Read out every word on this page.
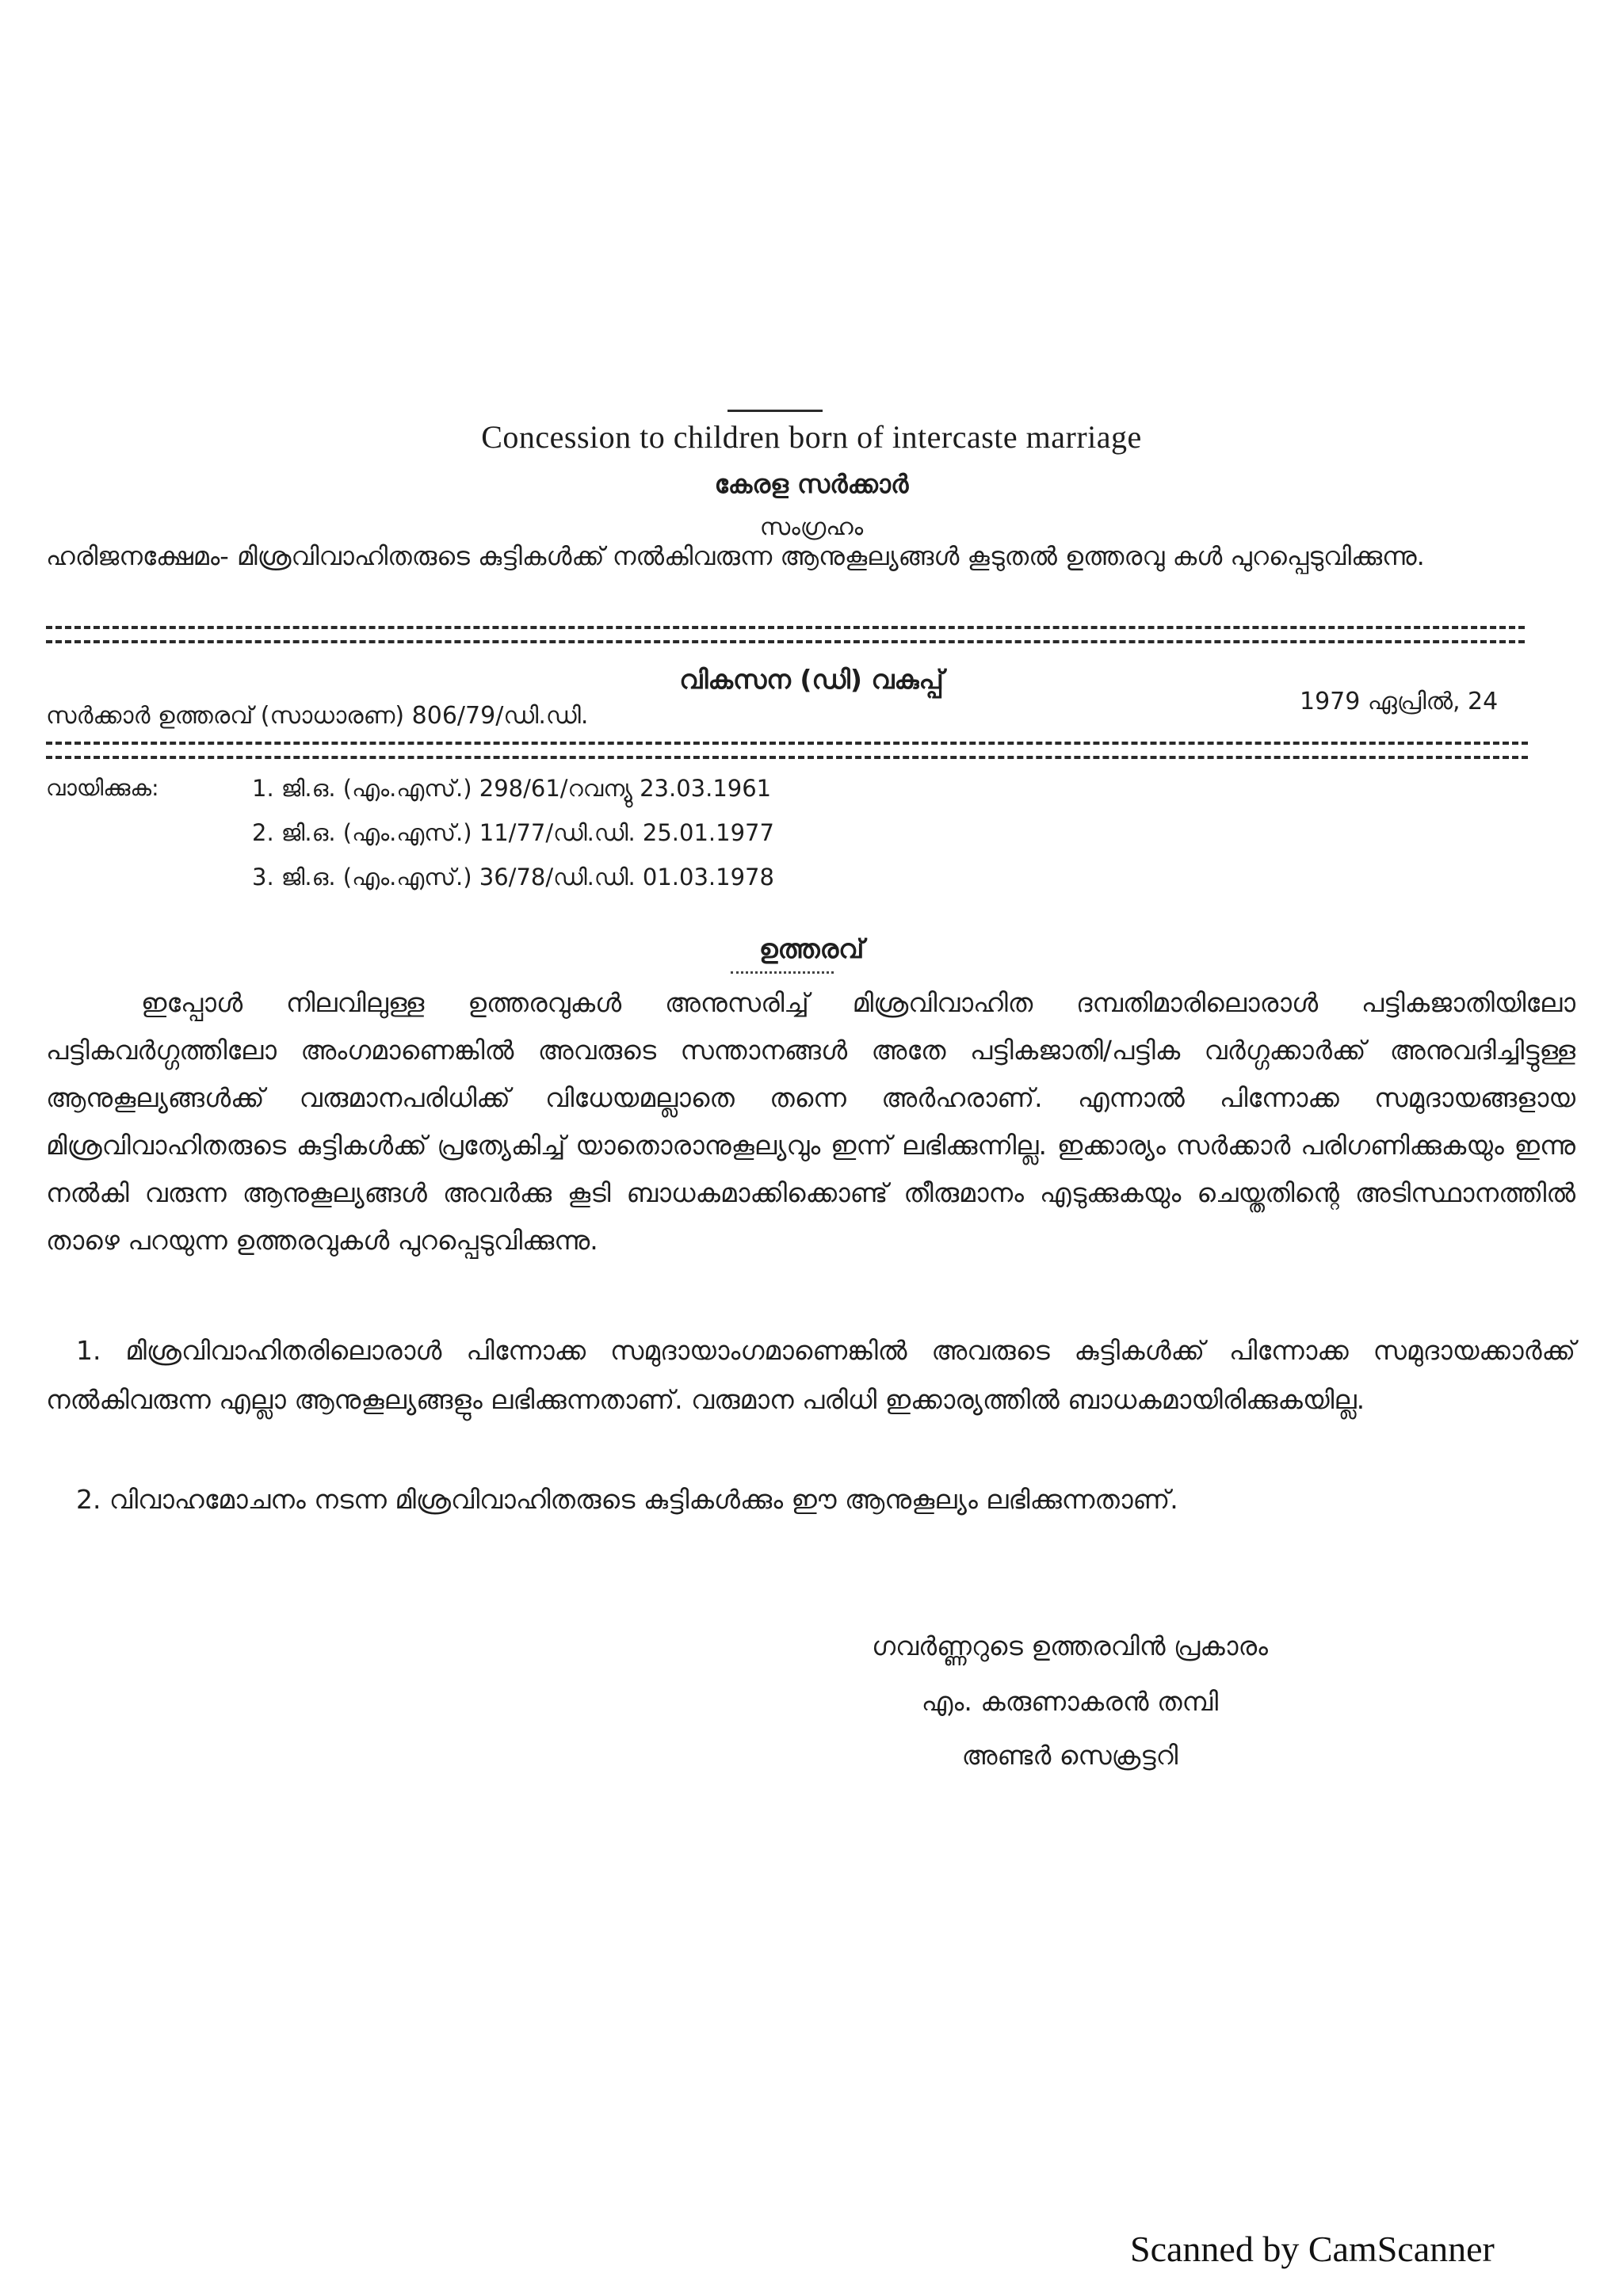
Concession to children born of intercaste marriage
കേരള സർക്കാർ
സംഗ്രഹം
ഹരിജനക്ഷേമം- മിശ്രവിവാഹിതരുടെ കുട്ടികൾക്ക് നൽകിവരുന്ന ആനുകൂല്യങ്ങൾ കൂടുതൽ ഉത്തരവു കൾ പുറപ്പെടുവിക്കുന്നു.
വികസന (ഡി) വകുപ്പ്
സർക്കാർ ഉത്തരവ് (സാധാരണ) 806/79/ഡി.ഡി.
1979 ഏപ്രിൽ, 24
വായിക്കുക:	1. ജി.ഒ. (എം.എസ്.) 298/61/റവന്യു 23.03.1961
2. ജി.ഒ. (എം.എസ്.) 11/77/ഡി.ഡി. 25.01.1977
3. ജി.ഒ. (എം.എസ്.) 36/78/ഡി.ഡി. 01.03.1978
ഉത്തരവ്
ഇപ്പോൾ നിലവിലുള്ള ഉത്തരവുകൾ അനുസരിച്ച് മിശ്രവിവാഹിത ദമ്പതിമാരിലൊരാൾ പട്ടികജാതിയിലോ പട്ടികവർഗ്ഗത്തിലോ അംഗമാണെങ്കിൽ അവരുടെ സന്താനങ്ങൾ അതേ പട്ടികജാതി/പട്ടിക വർഗ്ഗക്കാർക്ക് അനുവദിച്ചിട്ടുള്ള ആനുകൂല്യങ്ങൾക്ക് വരുമാനപരിധിക്ക് വിധേയമല്ലാതെ തന്നെ അർഹരാണ്. എന്നാൽ പിന്നോക്ക സമുദായങ്ങളായ മിശ്രവിവാഹിതരുടെ കുട്ടികൾക്ക് പ്രത്യേകിച്ച് യാതൊരാനുകൂല്യവും ഇന്ന് ലഭിക്കുന്നില്ല. ഇക്കാര്യം സർക്കാർ പരിഗണിക്കുകയും ഇന്നു നൽകി വരുന്ന ആനുകൂല്യങ്ങൾ അവർക്കു കൂടി ബാധകമാക്കിക്കൊണ്ട് തീരുമാനം എടുക്കുകയും ചെയ്തതിന്റെ അടിസ്ഥാനത്തിൽ താഴെ പറയുന്ന ഉത്തരവുകൾ പുറപ്പെടുവിക്കുന്നു.
1. മിശ്രവിവാഹിതരിലൊരാൾ പിന്നോക്ക സമുദായാംഗമാണെങ്കിൽ അവരുടെ കുട്ടികൾക്ക് പിന്നോക്ക സമുദായക്കാർക്ക് നൽകിവരുന്ന എല്ലാ ആനുകൂല്യങ്ങളും ലഭിക്കുന്നതാണ്. വരുമാന പരിധി ഇക്കാര്യത്തിൽ ബാധകമായിരിക്കുകയില്ല.
2. വിവാഹമോചനം നടന്ന മിശ്രവിവാഹിതരുടെ കുട്ടികൾക്കും ഈ ആനുകൂല്യം ലഭിക്കുന്നതാണ്.
ഗവർണ്ണറുടെ ഉത്തരവിൻ പ്രകാരം
എം. കരുണാകരൻ തമ്പി
അണ്ടർ സെക്രട്ടറി
Scanned by CamScanner
